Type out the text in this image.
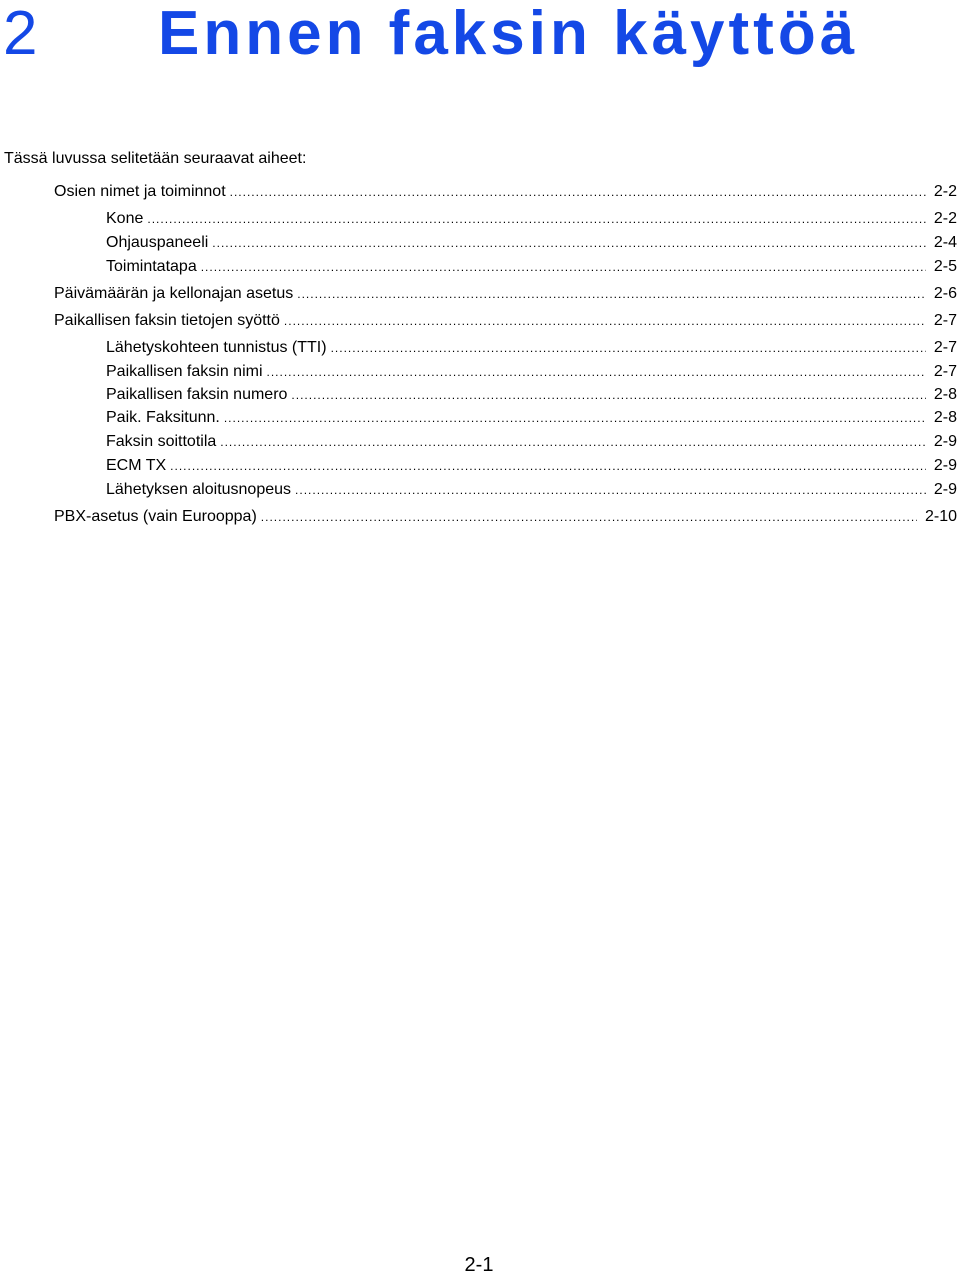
2 Ennen faksin käyttöä
Tässä luvussa selitetään seuraavat aiheet:
Osien nimet ja toiminnot .....	2-2
Kone .....	2-2
Ohjauspaneeli .....	2-4
Toimintatapa .....	2-5
Päivämäärän ja kellonajan asetus .....	2-6
Paikallisen faksin tietojen syöttö .....	2-7
Lähetyskohteen tunnistus (TTI) .....	2-7
Paikallisen faksin nimi .....	2-7
Paikallisen faksin numero .....	2-8
Paik. Faksitunn. .....	2-8
Faksin soittotila .....	2-9
ECM TX .....	2-9
Lähetyksen aloitusnopeus .....	2-9
PBX-asetus (vain Eurooppa) .....	2-10
2-1
